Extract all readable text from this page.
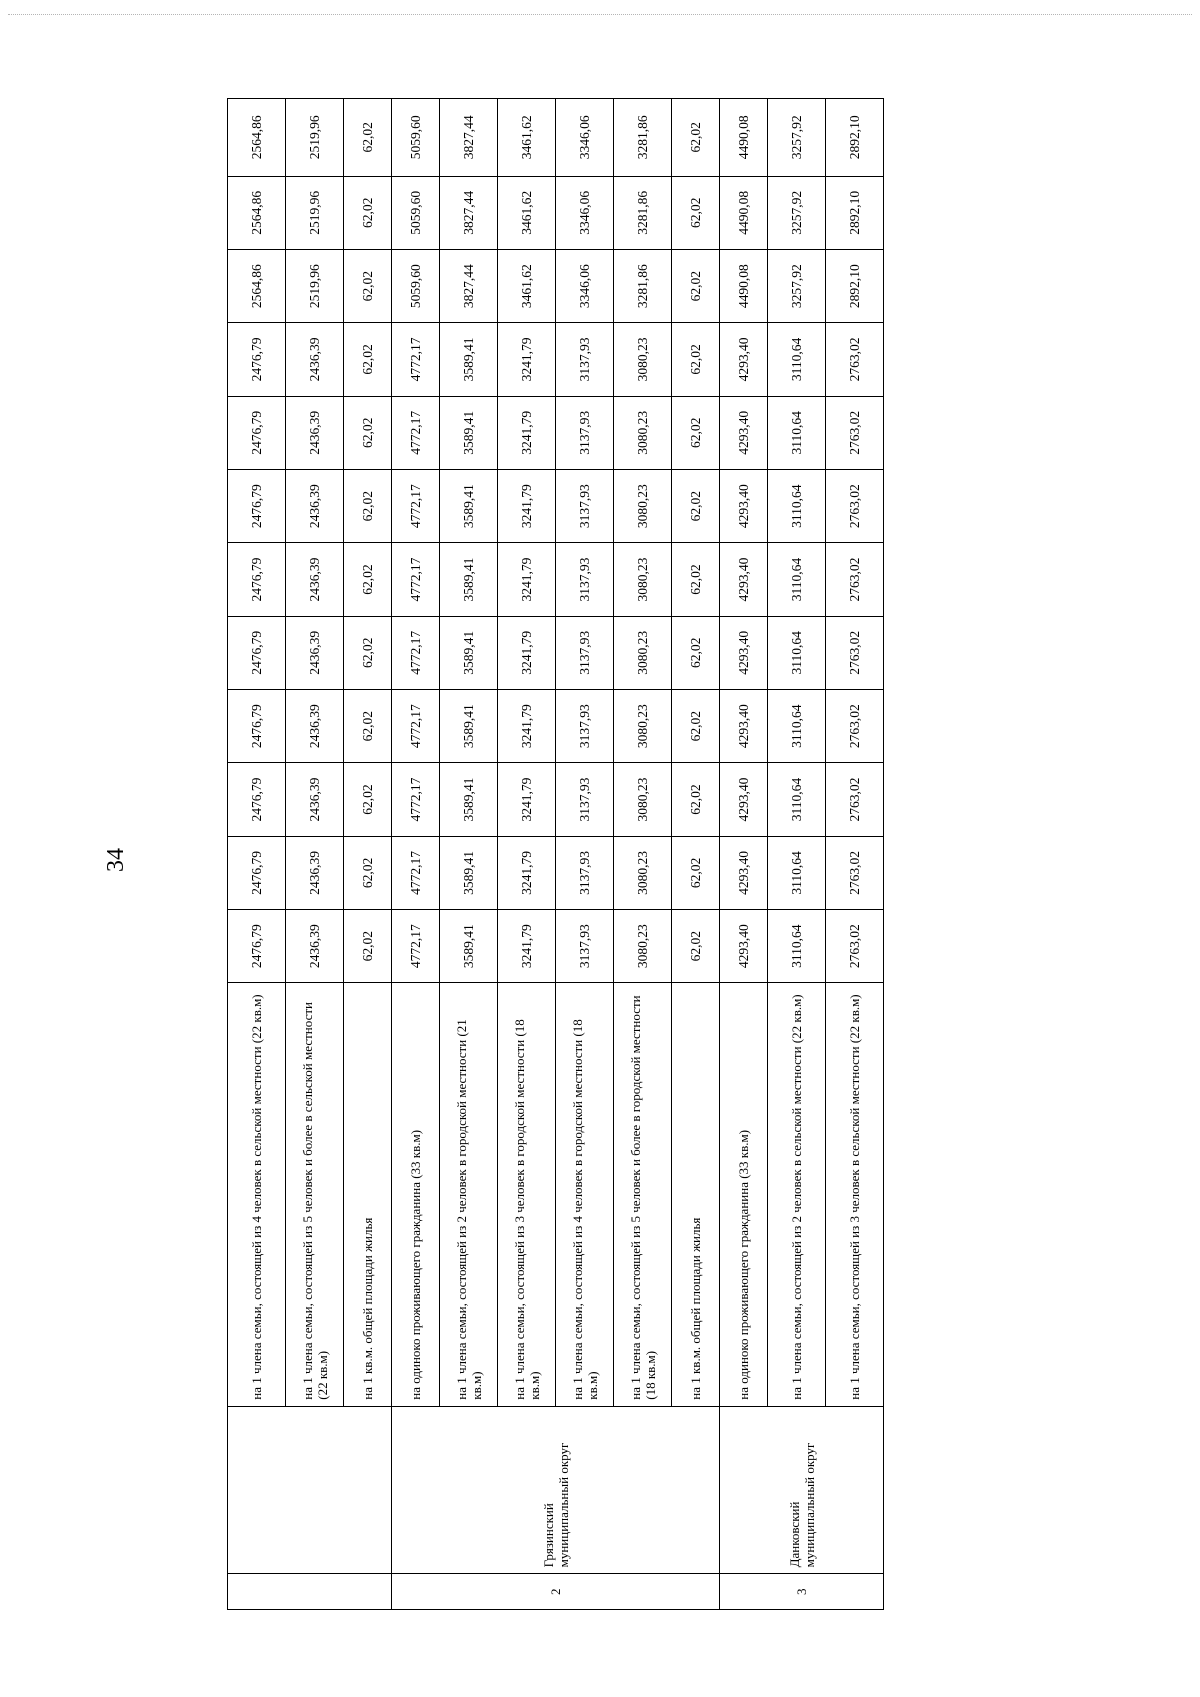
34
		на 1 члена семьи, состоящей из 4 человек в сельской местности (22 кв.м)	2476,79	2476,79	2476,79	2476,79	2476,79	2476,79	2476,79	2476,79	2476,79	2564,86	2564,86	2564,86
		на 1 члена семьи, состоящей из 5 человек и более в сельской местности (22 кв.м)	2436,39	2436,39	2436,39	2436,39	2436,39	2436,39	2436,39	2436,39	2436,39	2519,96	2519,96	2519,96
		на 1 кв.м. общей площади жилья	62,02	62,02	62,02	62,02	62,02	62,02	62,02	62,02	62,02	62,02	62,02	62,02
2	Грязинский муниципальный округ	на одиноко проживающего гражданина (33 кв.м)	4772,17	4772,17	4772,17	4772,17	4772,17	4772,17	4772,17	4772,17	4772,17	5059,60	5059,60	5059,60
		на 1 члена семьи, состоящей из 2 человек в городской местности (21 кв.м)	3589,41	3589,41	3589,41	3589,41	3589,41	3589,41	3589,41	3589,41	3589,41	3827,44	3827,44	3827,44
		на 1 члена семьи, состоящей из 3 человек в городской местности (18 кв.м)	3241,79	3241,79	3241,79	3241,79	3241,79	3241,79	3241,79	3241,79	3241,79	3461,62	3461,62	3461,62
		на 1 члена семьи, состоящей из 4 человек в городской местности (18 кв.м)	3137,93	3137,93	3137,93	3137,93	3137,93	3137,93	3137,93	3137,93	3137,93	3346,06	3346,06	3346,06
		на 1 члена семьи, состоящей из 5 человек и более в городской местности (18 кв.м)	3080,23	3080,23	3080,23	3080,23	3080,23	3080,23	3080,23	3080,23	3080,23	3281,86	3281,86	3281,86
		на 1 кв.м. общей площади жилья	62,02	62,02	62,02	62,02	62,02	62,02	62,02	62,02	62,02	62,02	62,02	62,02
3	Данковский муниципальный округ	на одиноко проживающего гражданина (33 кв.м)	4293,40	4293,40	4293,40	4293,40	4293,40	4293,40	4293,40	4293,40	4293,40	4490,08	4490,08	4490,08
		на 1 члена семьи, состоящей из 2 человек в сельской местности (22 кв.м)	3110,64	3110,64	3110,64	3110,64	3110,64	3110,64	3110,64	3110,64	3110,64	3257,92	3257,92	3257,92
		на 1 члена семьи, состоящей из 3 человек в сельской местности (22 кв.м)	2763,02	2763,02	2763,02	2763,02	2763,02	2763,02	2763,02	2763,02	2763,02	2892,10	2892,10	2892,10
